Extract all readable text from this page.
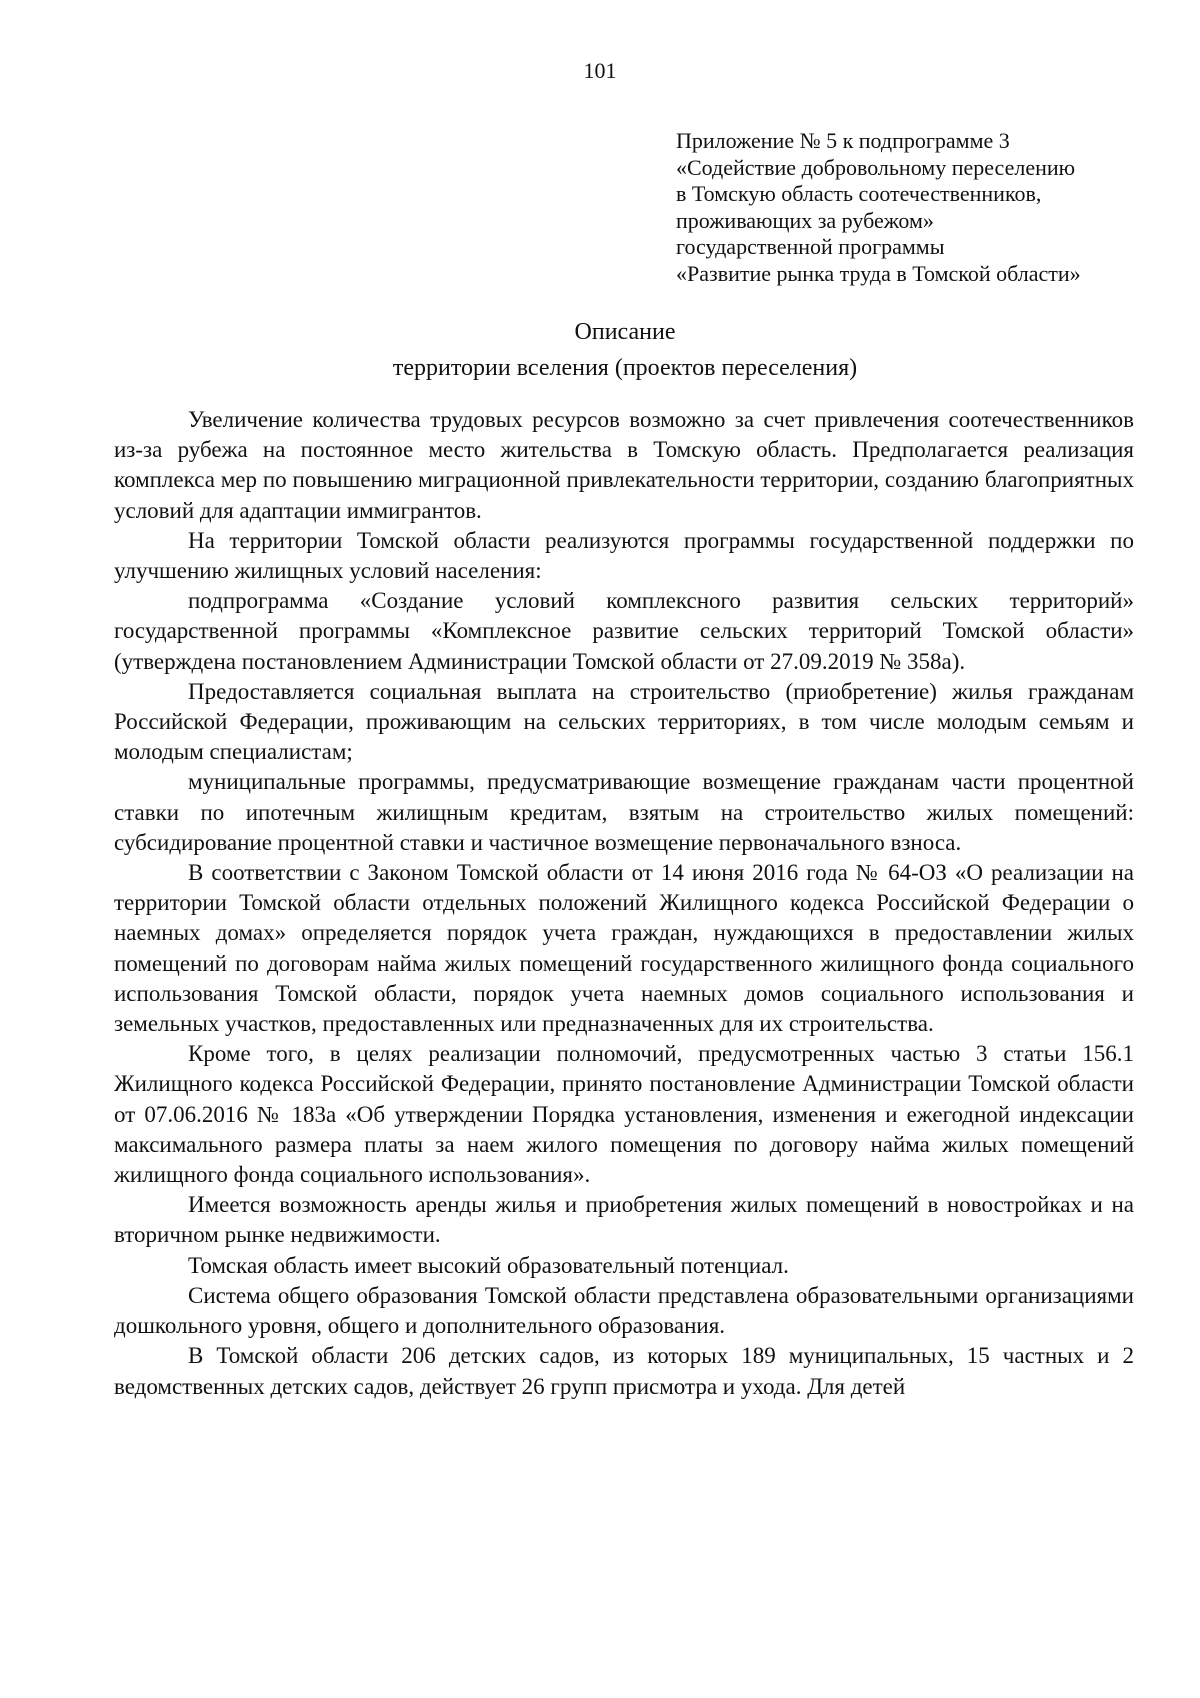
101
Приложение № 5 к подпрограмме 3
«Содействие добровольному переселению
в Томскую область соотечественников,
проживающих за рубежом»
государственной программы
«Развитие рынка труда в Томской области»
Описание
территории вселения (проектов переселения)

Увеличение количества трудовых ресурсов возможно за счет привлечения соотечественников из-за рубежа на постоянное место жительства в Томскую область. Предполагается реализация комплекса мер по повышению миграционной привлекательности территории, созданию благоприятных условий для адаптации иммигрантов.

На территории Томской области реализуются программы государственной поддержки по улучшению жилищных условий населения:

подпрограмма «Создание условий комплексного развития сельских территорий» государственной программы «Комплексное развитие сельских территорий Томской области» (утверждена постановлением Администрации Томской области от 27.09.2019 № 358а).

Предоставляется социальная выплата на строительство (приобретение) жилья гражданам Российской Федерации, проживающим на сельских территориях, в том числе молодым семьям и молодым специалистам;

муниципальные программы, предусматривающие возмещение гражданам части процентной ставки по ипотечным жилищным кредитам, взятым на строительство жилых помещений: субсидирование процентной ставки и частичное возмещение первоначального взноса.

В соответствии с Законом Томской области от 14 июня 2016 года № 64-ОЗ «О реализации на территории Томской области отдельных положений Жилищного кодекса Российской Федерации о наемных домах» определяется порядок учета граждан, нуждающихся в предоставлении жилых помещений по договорам найма жилых помещений государственного жилищного фонда социального использования Томской области, порядок учета наемных домов социального использования и земельных участков, предоставленных или предназначенных для их строительства.

Кроме того, в целях реализации полномочий, предусмотренных частью 3 статьи 156.1 Жилищного кодекса Российской Федерации, принято постановление Администрации Томской области от 07.06.2016 № 183а «Об утверждении Порядка установления, изменения и ежегодной индексации максимального размера платы за наем жилого помещения по договору найма жилых помещений жилищного фонда социального использования».

Имеется возможность аренды жилья и приобретения жилых помещений в новостройках и на вторичном рынке недвижимости.

Томская область имеет высокий образовательный потенциал.

Система общего образования Томской области представлена образовательными организациями дошкольного уровня, общего и дополнительного образования.

В Томской области 206 детских садов, из которых 189 муниципальных, 15 частных и 2 ведомственных детских садов, действует 26 групп присмотра и ухода. Для детей
